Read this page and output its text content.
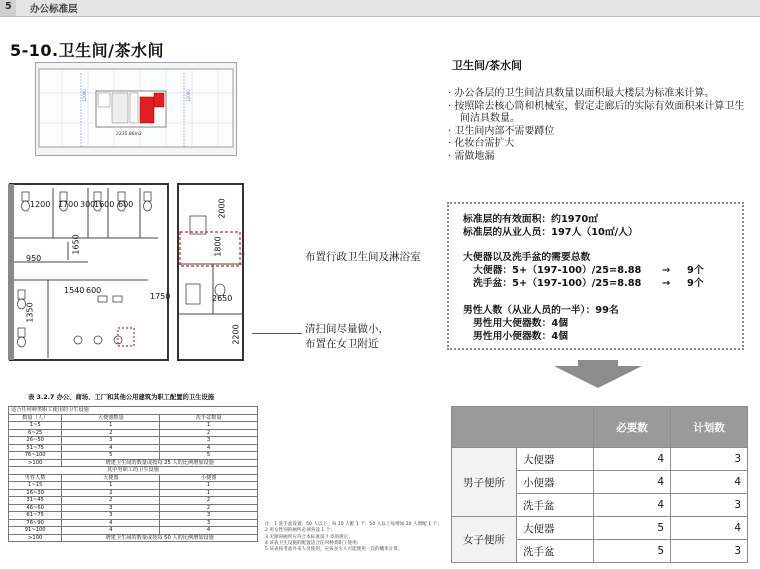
5 办公标准层
5-10.卫生间/茶水间
2235.86m2
12000	12000
1200 1700 300
1600 600
1650
950
1540 600
1350
1750
2000
1800
2650
2200
布置行政卫生间及淋浴室
清扫间尽量做小，
布置在女卫附近
卫生间/茶水间
· 办公各层的卫生间洁具数量以面积最大楼层为标准来计算。
· 按照除去核心筒和机械室，假定走廊后的实际有效面积来计算卫生间洁具数量。
· 卫生间内部不需要蹲位
· 化妆台需扩大
· 需做地漏
标准层的有效面积：约1970㎡
标准层的从业人员：197人（10㎡/人）
大便器以及洗手盆的需要总数
大便器：5+（197-100）/25=8.88 → 9个
洗手盆：5+（197-100）/25=8.88 → 9个
男性人数（从业人员的一半）：99名
男性用大便器数：4個
男性用小便器数：4個
		必要数	计划数
男子便所	大便器	4	3
	小便器	4	4
	洗手盆	4	3
女子便所	大便器	5	4
	洗手盆	5	3
表 3.2.7 办公、商场、工厂和其他公用建筑为职工配置的卫生设施
适合任何种类职工使用的卫生设施		
数量（人）	大便器数量	洗手盆数量
1~5	1	1
6~25	2	2
26~50	3	3
51~75	4	4
76~100	5	5
>100	增建卫生间的数量或按每 25 人的比例增加设施	
其中男职工的卫生设施		
男性人数	大便器	小便器
1~15	1	1
16~30	2	1
31~45	2	2
46~60	3	2
61~75	3	3
76~90	4	3
91~100	4	4
>100	增建卫生间的数量或按每 50 人的比例增加设施	
注：1 洗手盆设置：50 人以下，每 10 人配 1 个；50 人以上每增加 20 人增配 1 个；
2 男女性别的厕所必须各设 1 个；
3 无障碍厕所应符合本标准第 ? 章的规定；
4 该表卫生设施的配置适合任何种类职工使用；
5 该表按考虑外来人员使用，应按多少人可能使用一次的概率计算。
